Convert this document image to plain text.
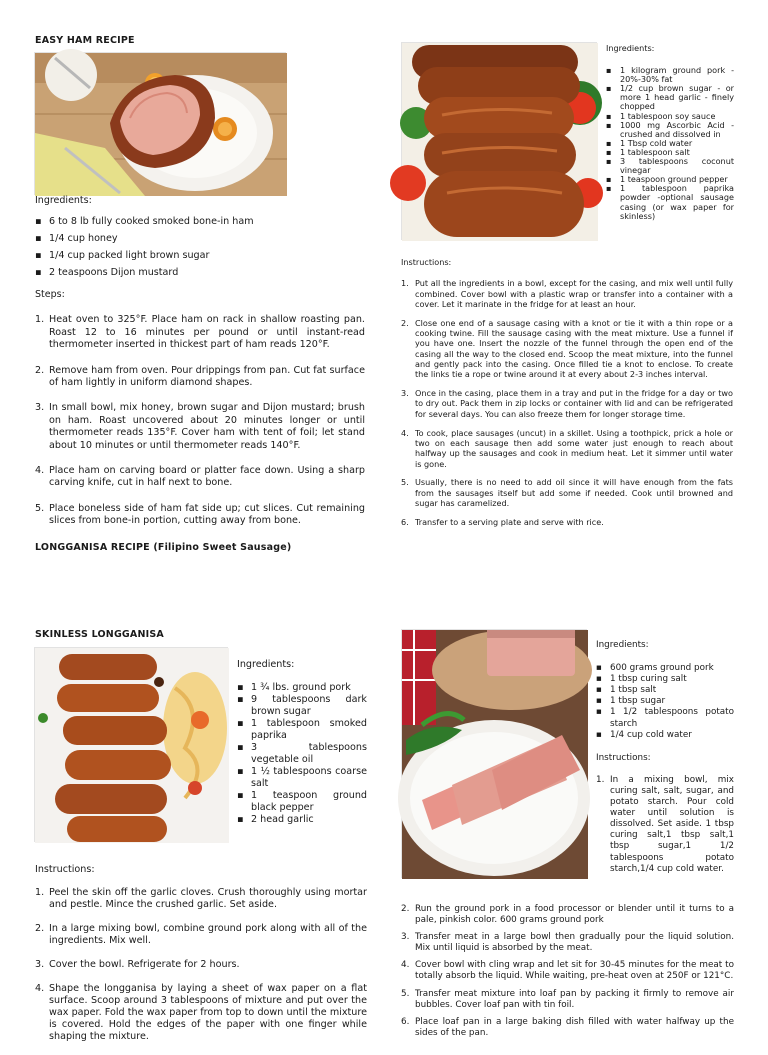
EASY HAM RECIPE
Ingredients:
▪ 6 to 8 lb fully cooked smoked bone-in ham
▪ 1/4 cup honey
▪ 1/4 cup packed light brown sugar
▪ 2 teaspoons Dijon mustard
Steps:
1. Heat oven to 325°F. Place ham on rack in shallow roasting pan. Roast 12 to 16 minutes per pound or until instant-read thermometer inserted in thickest part of ham reads 120°F.
2. Remove ham from oven. Pour drippings from pan. Cut fat surface of ham lightly in uniform diamond shapes.
3. In small bowl, mix honey, brown sugar and Dijon mustard; brush on ham. Roast uncovered about 20 minutes longer or until thermometer reads 135°F. Cover ham with tent of foil; let stand about 10 minutes or until thermometer reads 140°F.
4. Place ham on carving board or platter face down. Using a sharp carving knife, cut in half next to bone.
5. Place boneless side of ham fat side up; cut slices. Cut remaining slices from bone-in portion, cutting away from bone.
LONGGANISA RECIPE (Filipino Sweet Sausage)
Ingredients:
▪ 1 kilogram ground pork - 20%-30% fat
▪ 1/2 cup brown sugar - or more 1 head garlic - finely chopped
▪ 1 tablespoon soy sauce
▪ 1000 mg Ascorbic Acid - crushed and dissolved in
▪ 1 Tbsp cold water
▪ 1 tablespoon salt
▪ 3 tablespoons coconut vinegar
▪ 1 teaspoon ground pepper
▪ 1 tablespoon paprika powder -optional sausage casing (or wax paper for skinless)
Instructions:
1. Put all the ingredients in a bowl, except for the casing, and mix well until fully combined. Cover bowl with a plastic wrap or transfer into a container with a cover. Let it marinate in the fridge for at least an hour.
2. Close one end of a sausage casing with a knot or tie it with a thin rope or a cooking twine. Fill the sausage casing with the meat mixture. Use a funnel if you have one. Insert the nozzle of the funnel through the open end of the casing all the way to the closed end. Scoop the meat mixture, into the funnel and gently pack into the casing. Once filled tie a knot to enclose. To create the links tie a rope or twine around it at every about 2-3 inches interval.
3. Once in the casing, place them in a tray and put in the fridge for a day or two to dry out. Pack them in zip locks or container with lid and can be refrigerated for several days. You can also freeze them for longer storage time.
4. To cook, place sausages (uncut) in a skillet. Using a toothpick, prick a hole or two on each sausage then add some water just enough to reach about halfway up the sausages and cook in medium heat. Let it simmer until water is gone.
5. Usually, there is no need to add oil since it will have enough from the fats from the sausages itself but add some if needed. Cook until browned and sugar has caramelized.
6. Transfer to a serving plate and serve with rice.
SKINLESS LONGGANISA
Ingredients:
▪ 1 ¾ lbs. ground pork
▪ 9 tablespoons dark brown sugar
▪ 1 tablespoon smoked paprika
▪ 3 tablespoons vegetable oil
▪ 1 ½ tablespoons coarse salt
▪ 1 teaspoon ground black pepper
▪ 2 head garlic
Instructions:
1. Peel the skin off the garlic cloves. Crush thoroughly using mortar and pestle. Mince the crushed garlic. Set aside.
2. In a large mixing bowl, combine ground pork along with all of the ingredients. Mix well.
3. Cover the bowl. Refrigerate for 2 hours.
4. Shape the longganisa by laying a sheet of wax paper on a flat surface. Scoop around 3 tablespoons of mixture and put over the wax paper. Fold the wax paper from top to down until the mixture is covered. Hold the edges of the paper with one finger while shaping the mixture.
Ingredients:
▪ 600 grams ground pork
▪ 1 tbsp curing salt
▪ 1 tbsp salt
▪ 1 tbsp sugar
▪ 1 1/2 tablespoons potato starch
▪ 1/4 cup cold water
Instructions:
1. In a mixing bowl, mix curing salt, salt, sugar, and potato starch. Pour cold water until solution is dissolved. Set aside. 1 tbsp curing salt,1 tbsp salt,1 tbsp sugar,1 1/2 tablespoons potato starch,1/4 cup cold water.
2. Run the ground pork in a food processor or blender until it turns to a pale, pinkish color. 600 grams ground pork
3. Transfer meat in a large bowl then gradually pour the liquid solution. Mix until liquid is absorbed by the meat.
4. Cover bowl with cling wrap and let sit for 30-45 minutes for the meat to totally absorb the liquid. While waiting, pre-heat oven at 250F or 121°C.
5. Transfer meat mixture into loaf pan by packing it firmly to remove air bubbles. Cover loaf pan with tin foil.
6. Place loaf pan in a large baking dish filled with water halfway up the sides of the pan.
